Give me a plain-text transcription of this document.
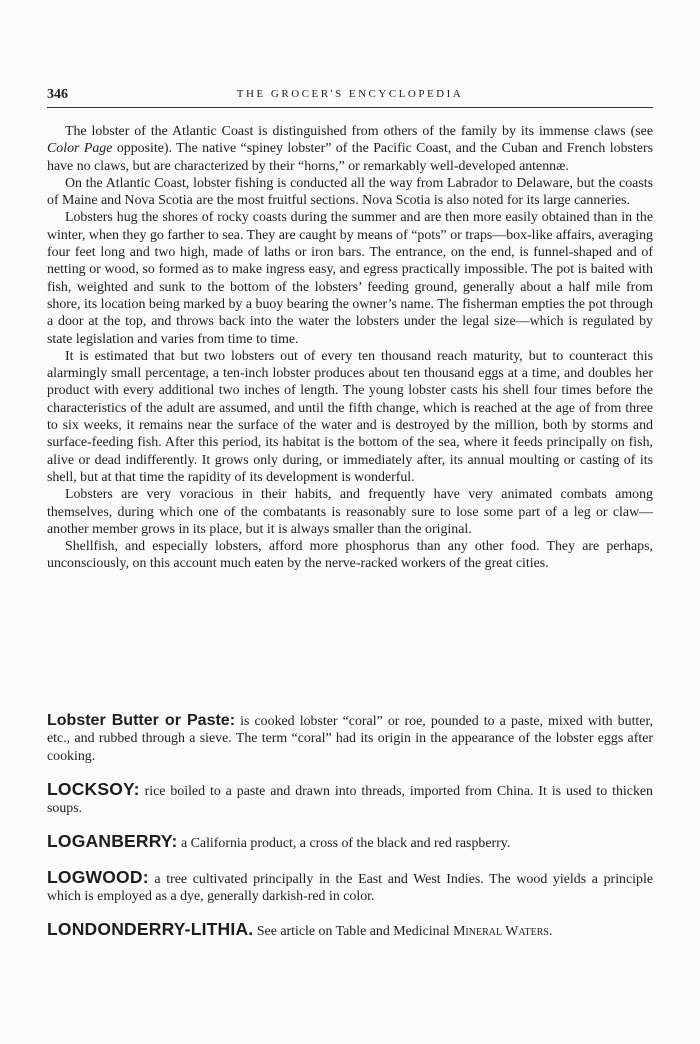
346	THE GROCER'S ENCYCLOPEDIA

The lobster of the Atlantic Coast is distinguished from others of the family by its immense claws (see Color Page opposite). The native “spiney lobster” of the Pacific Coast, and the Cuban and French lobsters have no claws, but are characterized by their “horns,” or remarkably well-developed antennæ.

On the Atlantic Coast, lobster fishing is conducted all the way from Labrador to Delaware, but the coasts of Maine and Nova Scotia are the most fruitful sections. Nova Scotia is also noted for its large canneries.

Lobsters hug the shores of rocky coasts during the summer and are then more easily obtained than in the winter, when they go farther to sea. They are caught by means of “pots” or traps—box-like affairs, averaging four feet long and two high, made of laths or iron bars. The entrance, on the end, is funnel-shaped and of netting or wood, so formed as to make ingress easy, and egress practically impossible. The pot is baited with fish, weighted and sunk to the bottom of the lobsters’ feeding ground, generally about a half mile from shore, its location being marked by a buoy bearing the owner’s name. The fisherman empties the pot through a door at the top, and throws back into the water the lobsters under the legal size—which is regulated by state legislation and varies from time to time.

It is estimated that but two lobsters out of every ten thousand reach maturity, but to counteract this alarmingly small percentage, a ten-inch lobster produces about ten thousand eggs at a time, and doubles her product with every additional two inches of length. The young lobster casts his shell four times before the characteristics of the adult are assumed, and until the fifth change, which is reached at the age of from three to six weeks, it remains near the surface of the water and is destroyed by the million, both by storms and surface-feeding fish. After this period, its habitat is the bottom of the sea, where it feeds principally on fish, alive or dead indifferently. It grows only during, or immediately after, its annual moulting or casting of its shell, but at that time the rapidity of its development is wonderful.

Lobsters are very voracious in their habits, and frequently have very animated combats among themselves, during which one of the combatants is reasonably sure to lose some part of a leg or claw—another member grows in its place, but it is always smaller than the original.

Shellfish, and especially lobsters, afford more phosphorus than any other food. They are perhaps, unconsciously, on this account much eaten by the nerve-racked workers of the great cities.

Lobster Butter or Paste: is cooked lobster “coral” or roe, pounded to a paste, mixed with butter, etc., and rubbed through a sieve. The term “coral” had its origin in the appearance of the lobster eggs after cooking.

LOCKSOY: rice boiled to a paste and drawn into threads, imported from China. It is used to thicken soups.

LOGANBERRY: a California product, a cross of the black and red raspberry.

LOGWOOD: a tree cultivated principally in the East and West Indies. The wood yields a principle which is employed as a dye, generally darkish-red in color.

LONDONDERRY-LITHIA. See article on Table and Medicinal Mineral Waters.
